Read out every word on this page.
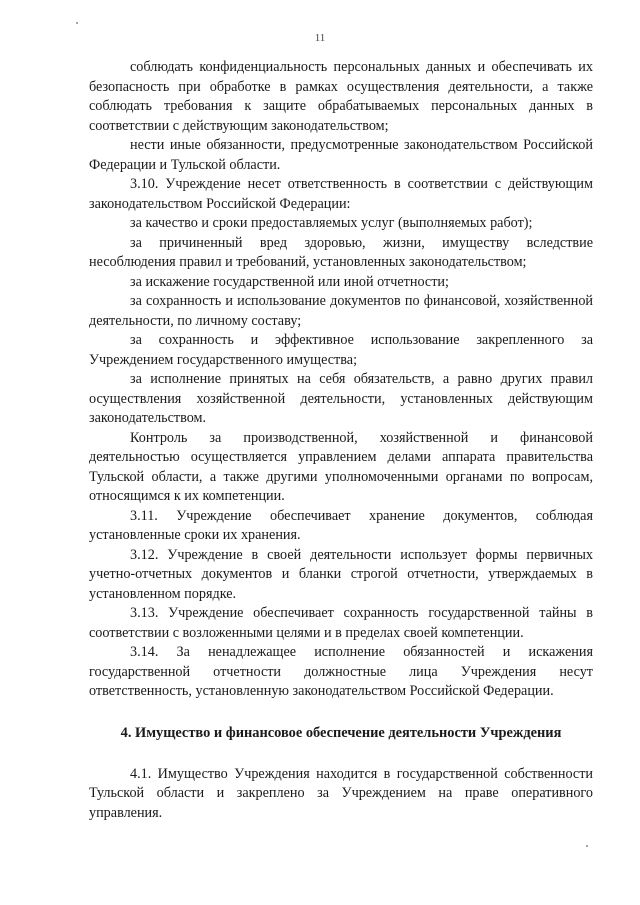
11

соблюдать конфиденциальность персональных данных и обеспечивать их безопасность при обработке в рамках осуществления деятельности, а также соблюдать требования к защите обрабатываемых персональных данных в соответствии с действующим законодательством;

нести иные обязанности, предусмотренные законодательством Российской Федерации и Тульской области.

3.10. Учреждение несет ответственность в соответствии с действующим законодательством Российской Федерации:

за качество и сроки предоставляемых услуг (выполняемых работ);

за причиненный вред здоровью, жизни, имуществу вследствие несоблюдения правил и требований, установленных законодательством;

за искажение государственной или иной отчетности;

за сохранность и использование документов по финансовой, хозяйственной деятельности, по личному составу;

за сохранность и эффективное использование закрепленного за Учреждением государственного имущества;

за исполнение принятых на себя обязательств, а равно других правил осуществления хозяйственной деятельности, установленных действующим законодательством.

Контроль за производственной, хозяйственной и финансовой деятельностью осуществляется управлением делами аппарата правительства Тульской области, а также другими уполномоченными органами по вопросам, относящимся к их компетенции.

3.11. Учреждение обеспечивает хранение документов, соблюдая установленные сроки их хранения.

3.12. Учреждение в своей деятельности использует формы первичных учетно-отчетных документов и бланки строгой отчетности, утверждаемых в установленном порядке.

3.13. Учреждение обеспечивает сохранность государственной тайны в соответствии с возложенными целями и в пределах своей компетенции.

3.14. За ненадлежащее исполнение обязанностей и искажения государственной отчетности должностные лица Учреждения несут ответственность, установленную законодательством Российской Федерации.

4. Имущество и финансовое обеспечение деятельности Учреждения

4.1. Имущество Учреждения находится в государственной собственности Тульской области и закреплено за Учреждением на праве оперативного управления.
